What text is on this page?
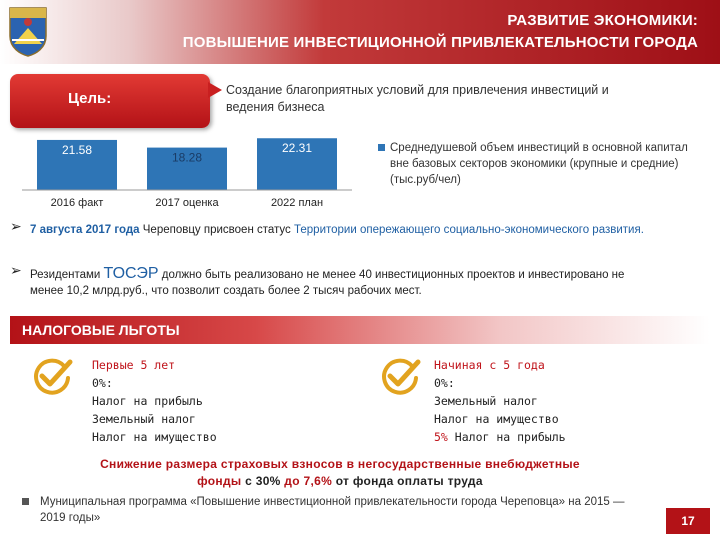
РАЗВИТИЕ ЭКОНОМИКИ:
ПОВЫШЕНИЕ ИНВЕСТИЦИОННОЙ ПРИВЛЕКАТЕЛЬНОСТИ ГОРОДА
Цель:	Создание благоприятных условий для привлечения инвестиций и ведения бизнеса
21.58
2016 факт
18.28
2017 оценка
22.31
2022 план
Среднедушевой объем инвестиций в основной капитал вне базовых секторов экономики (крупные и средние) (тыс.руб/чел)
➢ 7 августа 2017 года Череповцу присвоен статус Территории опережающего социально-экономического развития.
➢ Резидентами ТОСЭР должно быть реализовано не менее 40 инвестиционных проектов и инвестировано не менее 10,2 млрд.руб., что позволит создать более 2 тысяч рабочих мест.
НАЛОГОВЫЕ ЛЬГОТЫ
Первые 5 лет
0%:
Налог на прибыль
Земельный налог
Налог на имущество
Начиная с 5 года
0%:
Земельный налог
Налог на имущество
5% Налог на прибыль
Снижение размера страховых взносов в негосударственные внебюджетные
фонды с 30% до 7,6% от фонда оплаты труда
Муниципальная программа «Повышение инвестиционной привлекательности города Череповца» на 2015 — 2019 годы»	17
